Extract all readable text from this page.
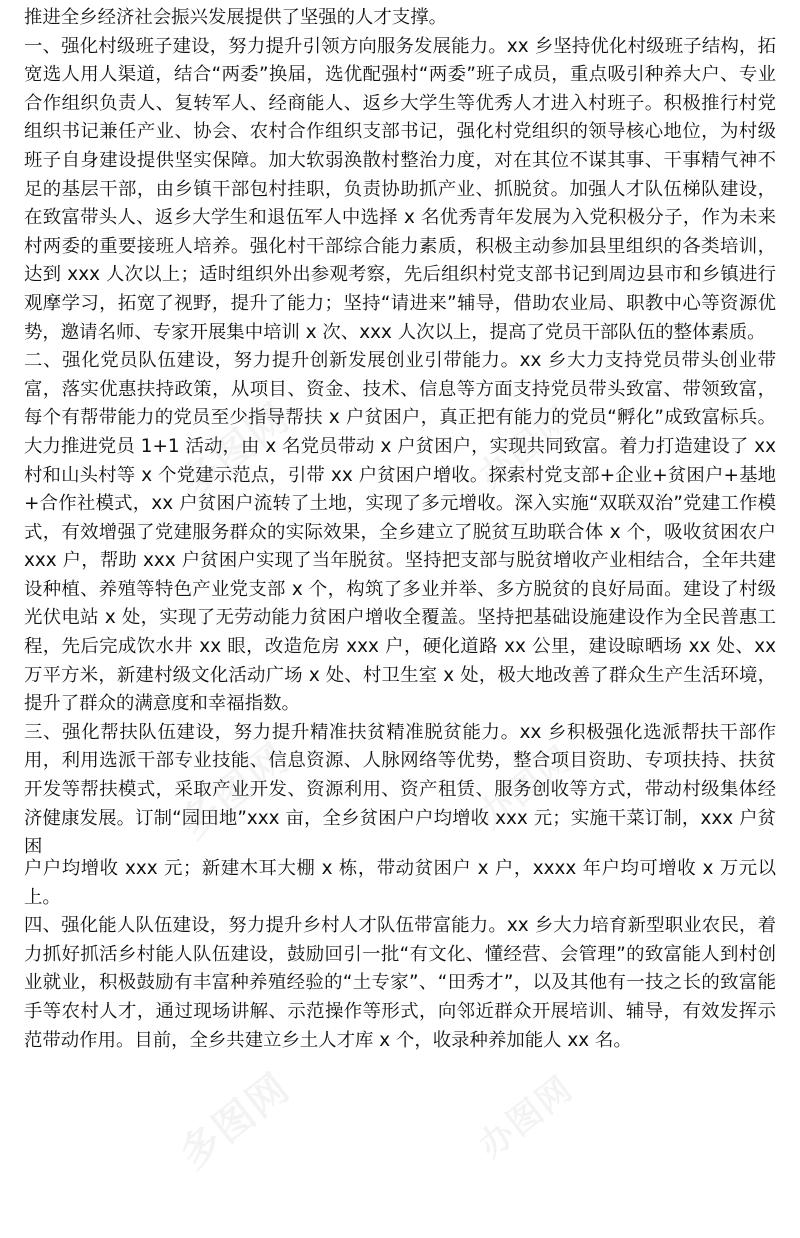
推进全乡经济社会振兴发展提供了坚强的人才支撑。

一、强化村级班子建设，努力提升引领方向服务发展能力。xx 乡坚持优化村级班子结构，拓宽选人用人渠道，结合“两委”换届，选优配强村“两委”班子成员，重点吸引种养大户、专业合作组织负责人、复转军人、经商能人、返乡大学生等优秀人才进入村班子。积极推行村党组织书记兼任产业、协会、农村合作组织支部书记，强化村党组织的领导核心地位，为村级班子自身建设提供坚实保障。加大软弱涣散村整治力度，对在其位不谋其事、干事精气神不足的基层干部，由乡镇干部包村挂职，负责协助抓产业、抓脱贫。加强人才队伍梯队建设，在致富带头人、返乡大学生和退伍军人中选择 x 名优秀青年发展为入党积极分子，作为未来村两委的重要接班人培养。强化村干部综合能力素质，积极主动参加县里组织的各类培训，达到 xxx 人次以上；适时组织外出参观考察，先后组织村党支部书记到周边县市和乡镇进行观摩学习，拓宽了视野，提升了能力；坚持“请进来”辅导，借助农业局、职教中心等资源优势，邀请名师、专家开展集中培训 x 次、xxx 人次以上，提高了党员干部队伍的整体素质。

二、强化党员队伍建设，努力提升创新发展创业引带能力。xx 乡大力支持党员带头创业带富，落实优惠扶持政策，从项目、资金、技术、信息等方面支持党员带头致富、带领致富，每个有帮带能力的党员至少指导帮扶 x 户贫困户，真正把有能力的党员“孵化”成致富标兵。大力推进党员 1+1 活动，由 x 名党员带动 x 户贫困户，实现共同致富。着力打造建设了 xx 村和山头村等 x 个党建示范点，引带 xx 户贫困户增收。探索村党支部+企业+贫困户+基地+合作社模式，xx 户贫困户流转了土地，实现了多元增收。深入实施“双联双治”党建工作模式，有效增强了党建服务群众的实际效果，全乡建立了脱贫互助联合体 x 个，吸收贫困农户 xxx 户，帮助 xxx 户贫困户实现了当年脱贫。坚持把支部与脱贫增收产业相结合，全年共建设种植、养殖等特色产业党支部 x 个，构筑了多业并举、多方脱贫的良好局面。建设了村级光伏电站 x 处，实现了无劳动能力贫困户增收全覆盖。坚持把基础设施建设作为全民普惠工程，先后完成饮水井 xx 眼，改造危房 xxx 户，硬化道路 xx 公里，建设晾晒场 xx 处、xx 万平方米，新建村级文化活动广场 x 处、村卫生室 x 处，极大地改善了群众生产生活环境，提升了群众的满意度和幸福指数。

三、强化帮扶队伍建设，努力提升精准扶贫精准脱贫能力。xx 乡积极强化选派帮扶干部作用，利用选派干部专业技能、信息资源、人脉网络等优势，整合项目资助、专项扶持、扶贫开发等帮扶模式，采取产业开发、资源利用、资产租赁、服务创收等方式，带动村级集体经济健康发展。订制“园田地”xxx 亩，全乡贫困户户均增收 xxx 元；实施干菜订制，xxx 户贫困

户户均增收 xxx 元；新建木耳大棚 x 栋，带动贫困户 x 户，xxxx 年户均可增收 x 万元以上。

四、强化能人队伍建设，努力提升乡村人才队伍带富能力。xx 乡大力培育新型职业农民，着力抓好抓活乡村能人队伍建设，鼓励回引一批“有文化、懂经营、会管理”的致富能人到村创业就业，积极鼓励有丰富种养殖经验的“土专家”、“田秀才”，以及其他有一技之长的致富能手等农村人才，通过现场讲解、示范操作等形式，向邻近群众开展培训、辅导，有效发挥示范带动作用。目前，全乡共建立乡土人才库 x 个，收录种养加能人 xx 名。
